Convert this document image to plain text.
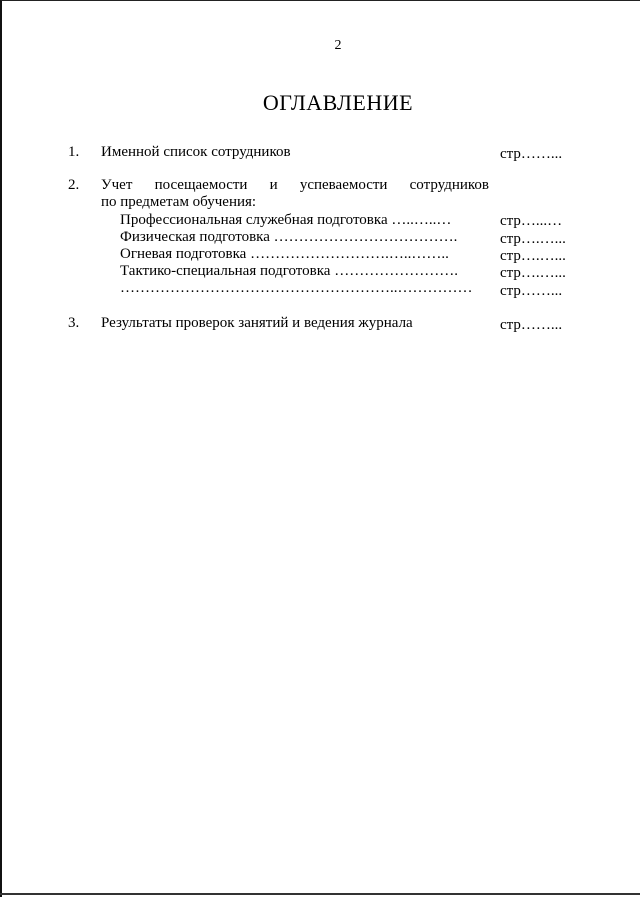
2
ОГЛАВЛЕНИЕ
1. Именной список сотрудников	стр……...
2. Учет посещаемости и успеваемости сотрудников
по предметам обучения:
Профессиональная служебная подготовка …..…..…	стр…...…
Физическая подготовка ……………………………….	стр….…...
Огневая подготовка ……………………….…..……..	стр….…...
Тактико-специальная подготовка …………………….	стр….…...
………………………………………………..…………… стр……...
3. Результаты проверок занятий и ведения журнала	стр……...
